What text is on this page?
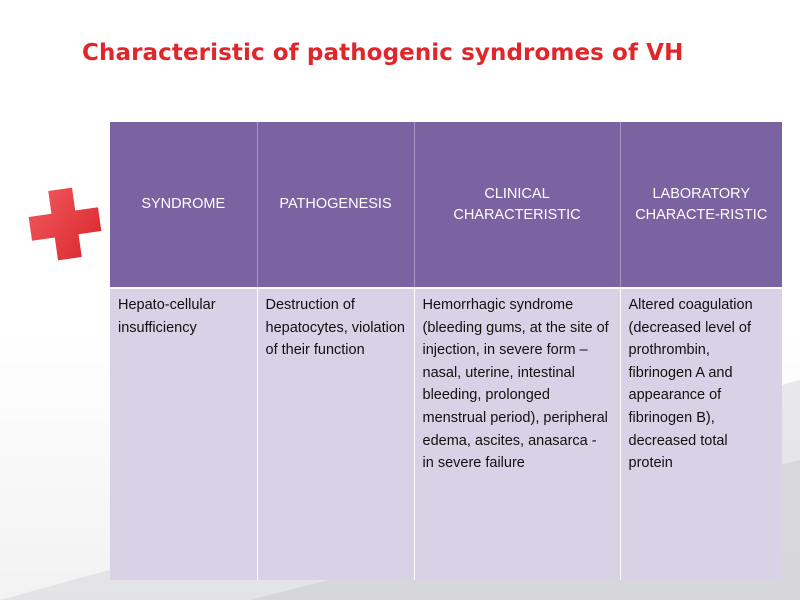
Characteristic of pathogenic syndromes of VH
SYNDROME	PATHOGENESIS	CLINICAL CHARACTERISTIC	LABORATORY CHARACTE-RISTIC

Hepato-cellular insufficiency	Destruction of hepatocytes, violation of their function	Hemorrhagic syndrome (bleeding gums, at the site of injection, in severe form – nasal, uterine, intestinal bleeding, prolonged menstrual period), peripheral edema, ascites, anasarca - in severe failure	Altered coagulation (decreased level of prothrombin, fibrinogen A and appearance of fibrinogen B), decreased total protein
